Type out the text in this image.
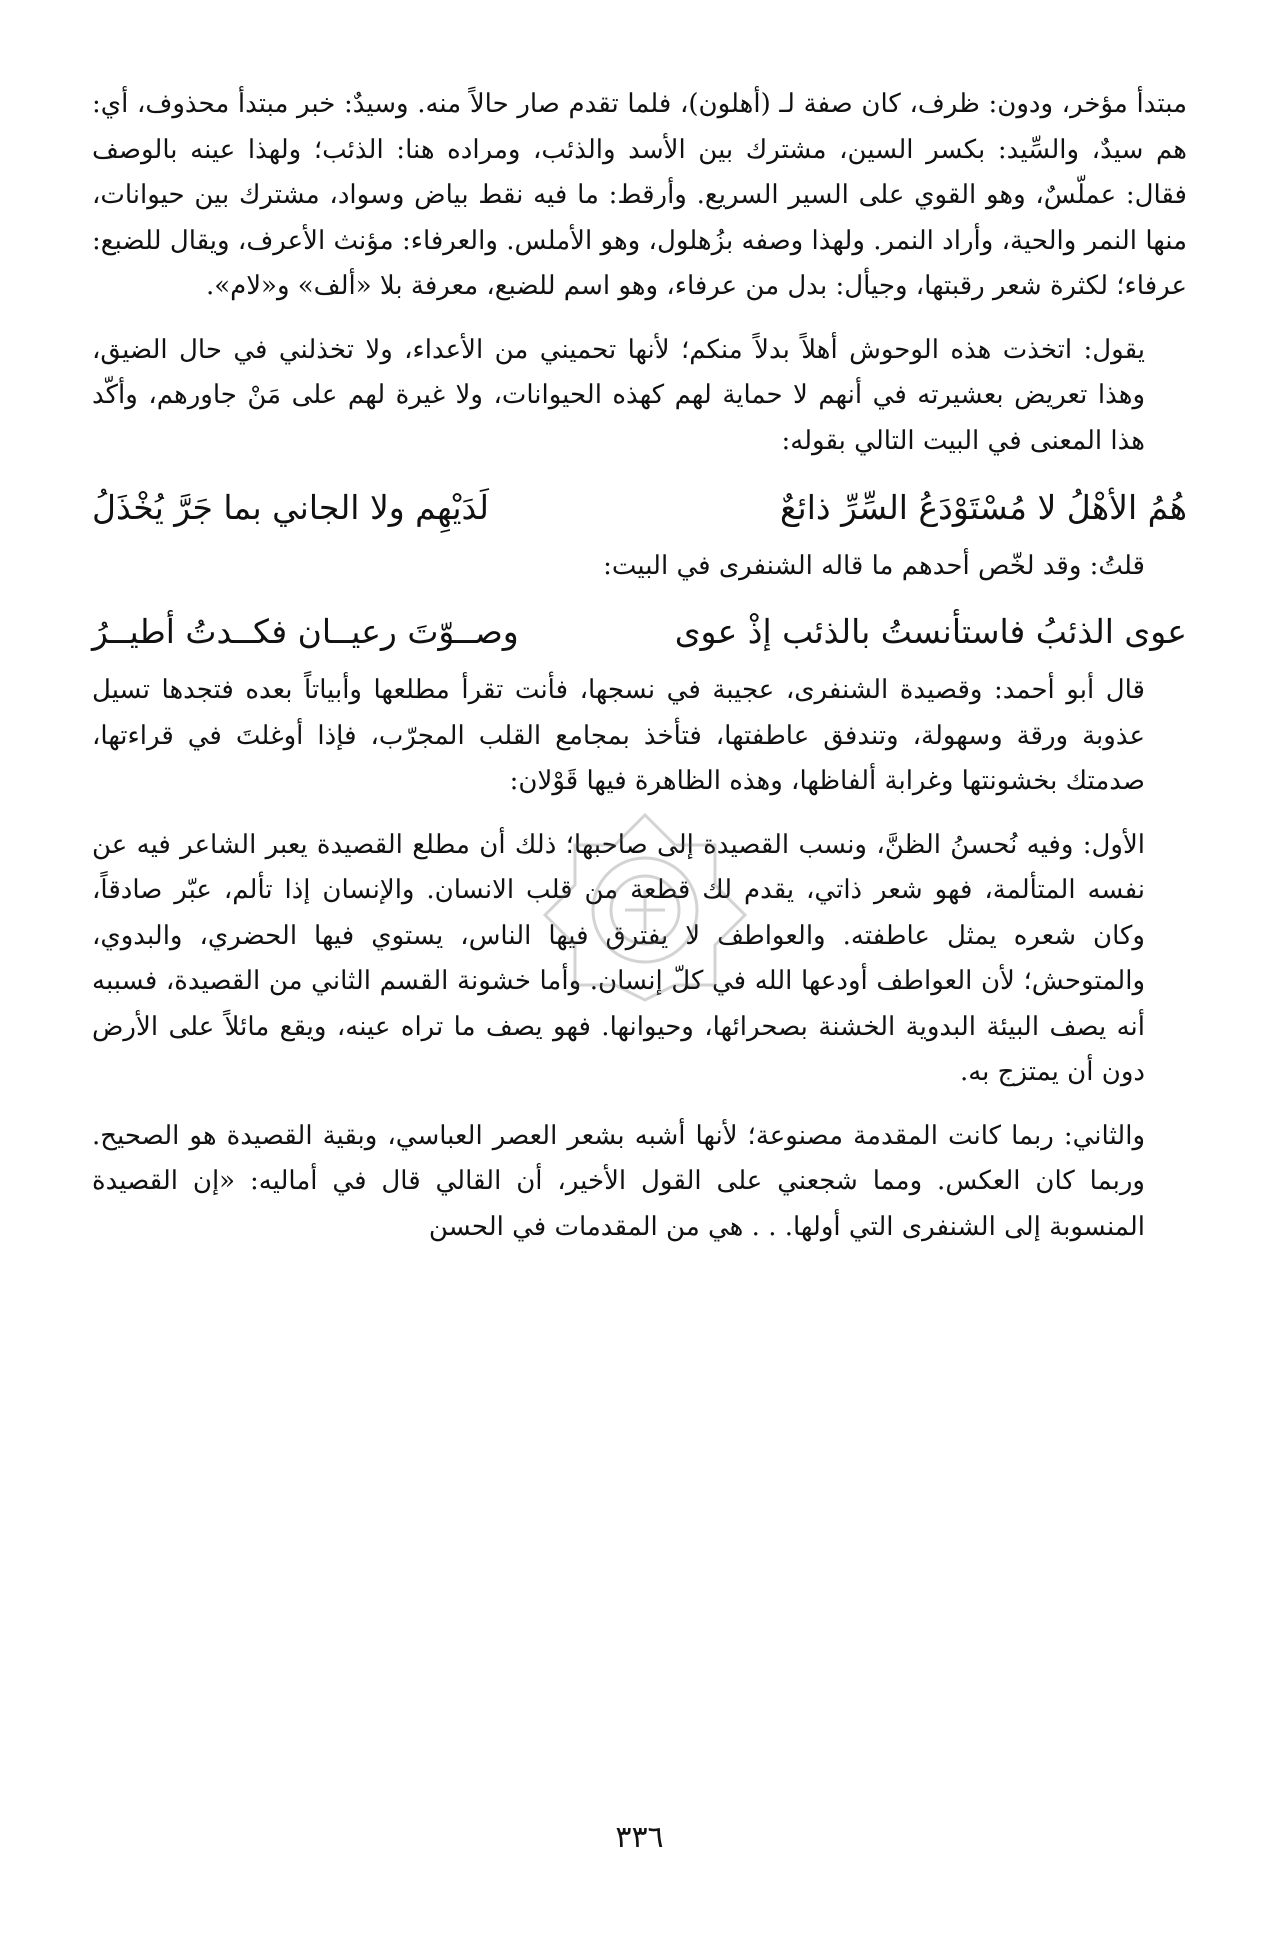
مبتدأ مؤخر، ودون: ظرف، كان صفة لـ (أهلون)، فلما تقدم صار حالاً منه. وسيدٌ: خبر مبتدأ محذوف، أي: هم سيدٌ، والسِّيد: بكسر السين، مشترك بين الأسد والذئب، ومراده هنا: الذئب؛ ولهذا عينه بالوصف فقال: عملّسٌ، وهو القوي على السير السريع. وأرقط: ما فيه نقط بياض وسواد، مشترك بين حيوانات، منها النمر والحية، وأراد النمر. ولهذا وصفه بزُهلول، وهو الأملس. والعرفاء: مؤنث الأعرف، ويقال للضبع: عرفاء؛ لكثرة شعر رقبتها، وجيأل: بدل من عرفاء، وهو اسم للضبع، معرفة بلا «ألف» و«لام».

يقول: اتخذت هذه الوحوش أهلاً بدلاً منكم؛ لأنها تحميني من الأعداء، ولا تخذلني في حال الضيق، وهذا تعريض بعشيرته في أنهم لا حماية لهم كهذه الحيوانات، ولا غيرة لهم على مَنْ جاورهم، وأكّد هذا المعنى في البيت التالي بقوله:

هُمُ الأهْلُ لا مُسْتَوْدَعُ السِّرِّ ذائعٌ
لَدَيْهِم ولا الجاني بما جَرَّ يُخْذَلُ

قلتُ: وقد لخّص أحدهم ما قاله الشنفرى في البيت:

عوى الذئبُ فاستأنستُ بالذئب إذْ عوى
وصــوّتَ رعيــان فكــدتُ أطيــرُ

قال أبو أحمد: وقصيدة الشنفرى، عجيبة في نسجها، فأنت تقرأ مطلعها وأبياتاً بعده فتجدها تسيل عذوبة ورقة وسهولة، وتندفق عاطفتها، فتأخذ بمجامع القلب المجرّب، فإذا أوغلتَ في قراءتها، صدمتك بخشونتها وغرابة ألفاظها، وهذه الظاهرة فيها قَوْلان:

الأول: وفيه نُحسنُ الظنَّ، ونسب القصيدة إلى صاحبها؛ ذلك أن مطلع القصيدة يعبر الشاعر فيه عن نفسه المتألمة، فهو شعر ذاتي، يقدم لك قطعة من قلب الانسان. والإنسان إذا تألم، عبّر صادقاً، وكان شعره يمثل عاطفته. والعواطف لا يفترق فيها الناس، يستوي فيها الحضري، والبدوي، والمتوحش؛ لأن العواطف أودعها الله في كلّ إنسان. وأما خشونة القسم الثاني من القصيدة، فسببه أنه يصف البيئة البدوية الخشنة بصحرائها، وحيوانها. فهو يصف ما تراه عينه، ويقع مائلاً على الأرض دون أن يمتزج به.

والثاني: ربما كانت المقدمة مصنوعة؛ لأنها أشبه بشعر العصر العباسي، وبقية القصيدة هو الصحيح. وربما كان العكس. ومما شجعني على القول الأخير، أن القالي قال في أماليه: «إن القصيدة المنسوبة إلى الشنفرى التي أولها. . . هي من المقدمات في الحسن

٣٣٦
